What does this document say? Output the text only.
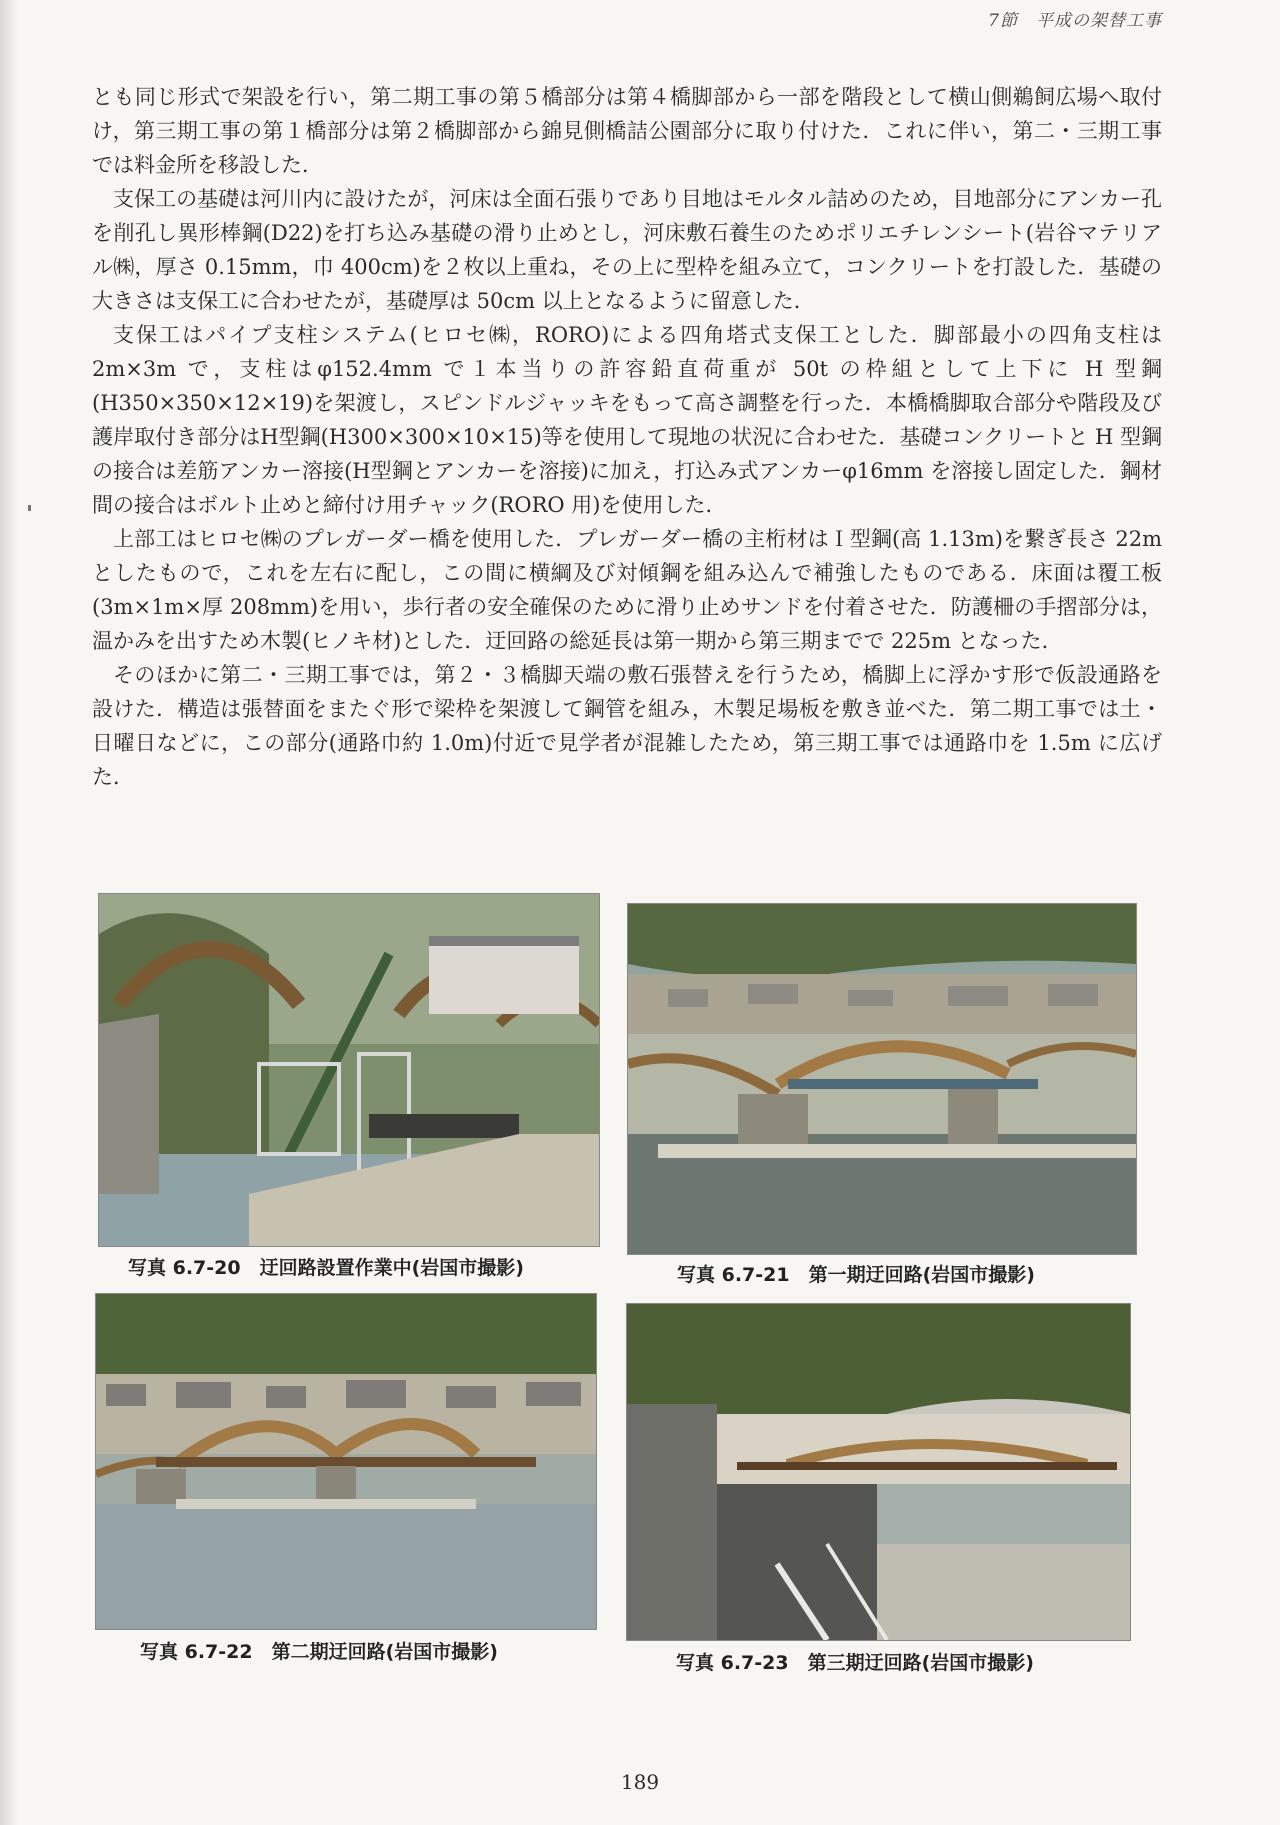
7節　平成の架替工事

とも同じ形式で架設を行い，第二期工事の第５橋部分は第４橋脚部から一部を階段として横山側鵜飼広場へ取付け，第三期工事の第１橋部分は第２橋脚部から錦見側橋詰公園部分に取り付けた．これに伴い，第二・三期工事では料金所を移設した．

支保工の基礎は河川内に設けたが，河床は全面石張りであり目地はモルタル詰めのため，目地部分にアンカー孔を削孔し異形棒鋼(D22)を打ち込み基礎の滑り止めとし，河床敷石養生のためポリエチレンシート(岩谷マテリアル㈱，厚さ 0.15mm，巾 400cm)を２枚以上重ね，その上に型枠を組み立て，コンクリートを打設した．基礎の大きさは支保工に合わせたが，基礎厚は 50cm 以上となるように留意した．

支保工はパイプ支柱システム(ヒロセ㈱，RORO)による四角塔式支保工とした．脚部最小の四角支柱は 2m×3m で，支柱はφ152.4mm で１本当りの許容鉛直荷重が 50t の枠組として上下に H 型鋼(H350×350×12×19)を架渡し，スピンドルジャッキをもって高さ調整を行った．本橋橋脚取合部分や階段及び護岸取付き部分はH型鋼(H300×300×10×15)等を使用して現地の状況に合わせた．基礎コンクリートと H 型鋼の接合は差筋アンカー溶接(H型鋼とアンカーを溶接)に加え，打込み式アンカーφ16mm を溶接し固定した．鋼材間の接合はボルト止めと締付け用チャック(RORO 用)を使用した．

上部工はヒロセ㈱のプレガーダー橋を使用した．プレガーダー橋の主桁材はＩ型鋼(高 1.13m)を繋ぎ長さ 22m としたもので，これを左右に配し，この間に横綱及び対傾鋼を組み込んで補強したものである．床面は覆工板(3m×1m×厚 208mm)を用い，歩行者の安全確保のために滑り止めサンドを付着させた．防護柵の手摺部分は，温かみを出すため木製(ヒノキ材)とした．迂回路の総延長は第一期から第三期までで 225m となった．

そのほかに第二・三期工事では，第２・３橋脚天端の敷石張替えを行うため，橋脚上に浮かす形で仮設通路を設けた．構造は張替面をまたぐ形で梁枠を架渡して鋼管を組み，木製足場板を敷き並べた．第二期工事では土・日曜日などに，この部分(通路巾約 1.0m)付近で見学者が混雑したため，第三期工事では通路巾を 1.5m に広げた．

写真 6.7-20　迂回路設置作業中(岩国市撮影)	写真 6.7-21　第一期迂回路(岩国市撮影)
写真 6.7-22　第二期迂回路(岩国市撮影)	写真 6.7-23　第三期迂回路(岩国市撮影)
189
